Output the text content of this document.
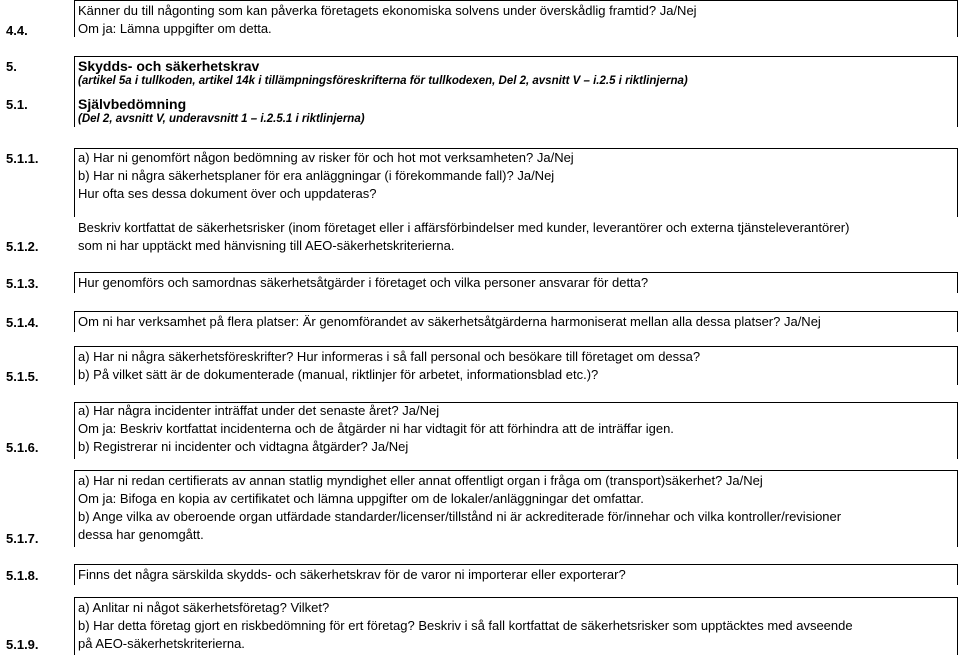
4.4.
Känner du till någonting som kan påverka företagets ekonomiska solvens under överskådlig framtid? Ja/Nej
Om ja: Lämna uppgifter om detta.
5.	Skydds- och säkerhetskrav
(artikel 5a i tullkoden, artikel 14k i tillämpningsföreskrifterna för tullkodexen, Del 2, avsnitt V – i.2.5 i riktlinjerna)
5.1.	Självbedömning
(Del 2, avsnitt V, underavsnitt 1 – i.2.5.1 i riktlinjerna)
5.1.1.	a) Har ni genomfört någon bedömning av risker för och hot mot verksamheten? Ja/Nej
b) Har ni några säkerhetsplaner för era anläggningar (i förekommande fall)? Ja/Nej
Hur ofta ses dessa dokument över och uppdateras?
5.1.2.
Beskriv kortfattat de säkerhetsrisker (inom företaget eller i affärsförbindelser med kunder, leverantörer och externa tjänsteleverantörer)
som ni har upptäckt med hänvisning till AEO-säkerhetskriterierna.
5.1.3.	Hur genomförs och samordnas säkerhetsåtgärder i företaget och vilka personer ansvarar för detta?
5.1.4.	Om ni har verksamhet på flera platser: Är genomförandet av säkerhetsåtgärderna harmoniserat mellan alla dessa platser? Ja/Nej
5.1.5.
a) Har ni några säkerhetsföreskrifter? Hur informeras i så fall personal och besökare till företaget om dessa?
b) På vilket sätt är de dokumenterade (manual, riktlinjer för arbetet, informationsblad etc.)?
5.1.6.
a) Har några incidenter inträffat under det senaste året? Ja/Nej
Om ja: Beskriv kortfattat incidenterna och de åtgärder ni har vidtagit för att förhindra att de inträffar igen.
b) Registrerar ni incidenter och vidtagna åtgärder? Ja/Nej
5.1.7.
a) Har ni redan certifierats av annan statlig myndighet eller annat offentligt organ i fråga om (transport)säkerhet? Ja/Nej
Om ja: Bifoga en kopia av certifikatet och lämna uppgifter om de lokaler/anläggningar det omfattar.
b) Ange vilka av oberoende organ utfärdade standarder/licenser/tillstånd ni är ackrediterade för/innehar och vilka kontroller/revisioner
dessa har genomgått.
5.1.8.	Finns det några särskilda skydds- och säkerhetskrav för de varor ni importerar eller exporterar?
5.1.9.
a) Anlitar ni något säkerhetsföretag? Vilket?
b) Har detta företag gjort en riskbedömning för ert företag? Beskriv i så fall kortfattat de säkerhetsrisker som upptäcktes med avseende
på AEO-säkerhetskriterierna.
